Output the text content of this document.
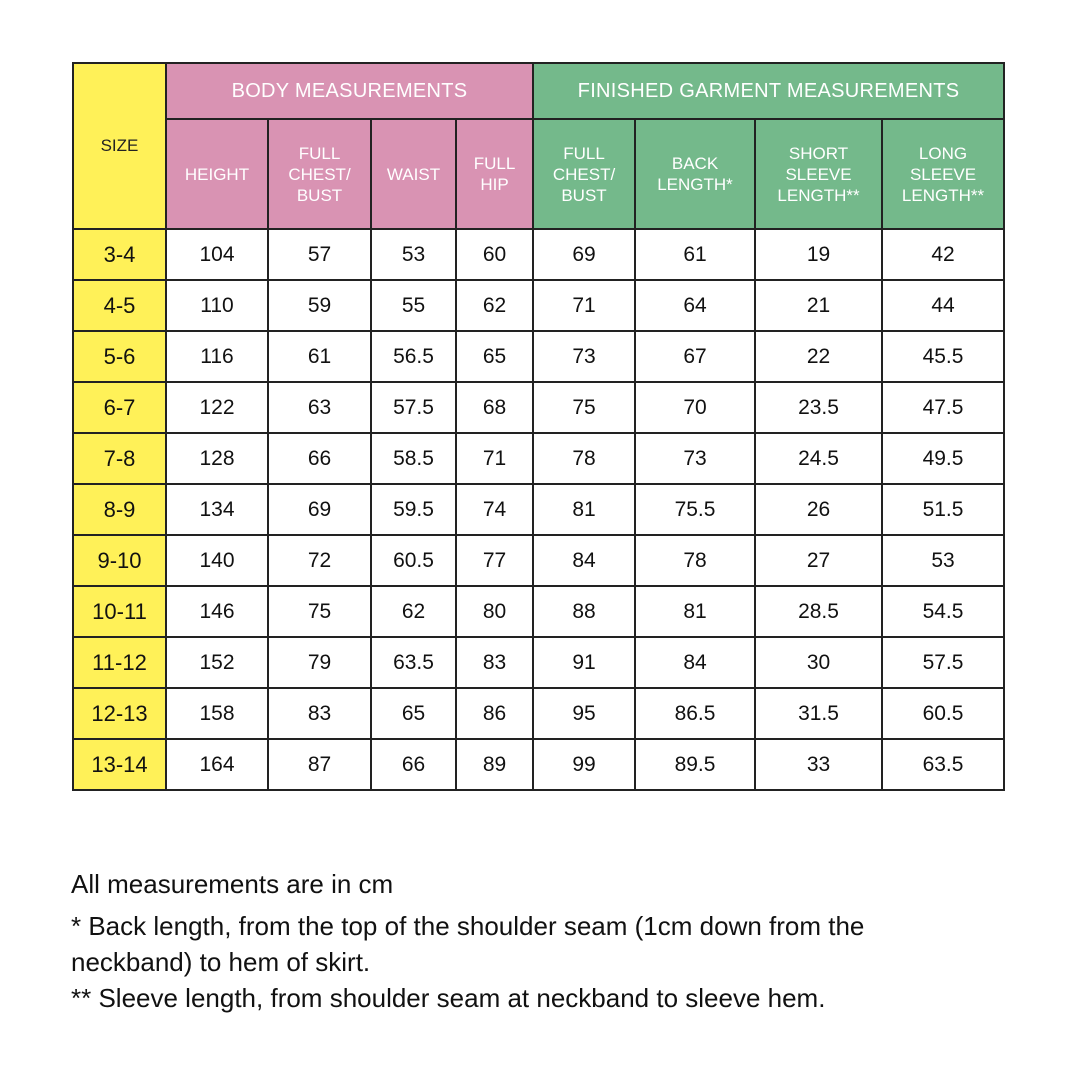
SIZE	BODY MEASUREMENTS				FINISHED GARMENT MEASUREMENTS			
	HEIGHT	FULL
CHEST/
BUST	WAIST	FULL
HIP	FULL
CHEST/
BUST	BACK
LENGTH*	SHORT
SLEEVE
LENGTH**	LONG
SLEEVE
LENGTH**
3-4	104	57	53	60	69	61	19	42
4-5	110	59	55	62	71	64	21	44
5-6	116	61	56.5	65	73	67	22	45.5
6-7	122	63	57.5	68	75	70	23.5	47.5
7-8	128	66	58.5	71	78	73	24.5	49.5
8-9	134	69	59.5	74	81	75.5	26	51.5
9-10	140	72	60.5	77	84	78	27	53
10-11	146	75	62	80	88	81	28.5	54.5
11-12	152	79	63.5	83	91	84	30	57.5
12-13	158	83	65	86	95	86.5	31.5	60.5
13-14	164	87	66	89	99	89.5	33	63.5

All measurements are in cm

* Back length, from the top of the shoulder seam (1cm down from the neckband) to hem of skirt.

** Sleeve length, from shoulder seam at neckband to sleeve hem.
